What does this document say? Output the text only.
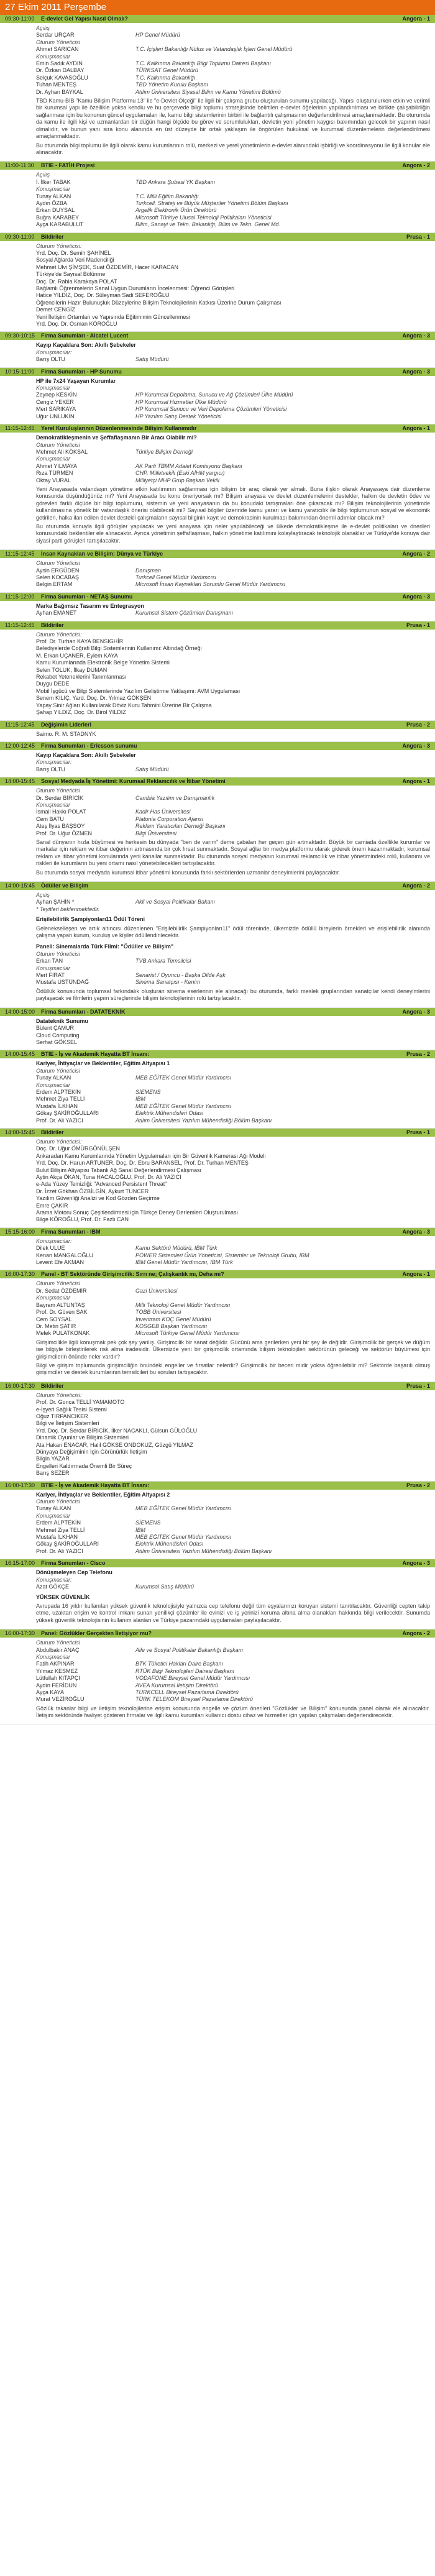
27 Ekim 2011 Perşembe
09:30-11:00	E-devlet Gel Yapısı Nasıl Olmalı?	Angora - 1
Açılış
Serdar URÇAR	HP Genel Müdürü
Oturum Yöneticisi
Ahmet SARICAN	T.C. İçişleri Bakanlığı Nüfus ve Vatandaşlık İşleri Genel Müdürü
Konuşmacılar
Emin Sadık AYDIN	T.C. Kalkınma Bakanlığı Bilgi Toplumu Dairesi Başkanı
Dr. Özkan DALBAY	TÜRKSAT Genel Müdürü
Selçuk KAVASOĞLU	T.C. Kalkınma Bakanlığı
Tuhan MENTEŞ	TBD Yönetim Kurulu Başkanı
Dr. Ayhan BAYKAL	Atılım Üniversitesi Siyasal Bilim ve Kamu Yönetimi Bölümü

TBD Kamu-BİB "Kamu Bilişim Platformu 13" ile "e-Devlet Ölçeği" ile ilgili bir çalışma grubu oluşturulan sunumu yapılacağı. Yapısı oluşturulurken etkin ve verimli bir kurumsal yapı ile özellikle yoksa kendiu ve bu çerçevede bilgi toplumu stratejisinde belirtilen e-devlet öğelerinin yapılandırılması ve birlikte çalışabilirliğin sağlanması için bu konunun güncel uygulamaları ile, kamu bilgi sistemlerinin birbiri ile bağlantılı çalışmasının değerlendirilmesi amaçlanmaktadır. Bu oturumda da kamu ile ilgili kişi ve uzmanlardan bir düğün hangi ölçüde bu görev ve sorumlulukları, devletin yeni yönetim kaygısı bakımından gelecek bir yapının nasıl olmalıdır, ve bunun yanı sıra konu alanında en üst düzeyde bir ortak yaklaşım ile öngörülen hukuksal ve kurumsal düzenlemelerin değerlendirilmesi amaçlanmaktadır.

Bu oturumda bilgi toplumu ile ilgili olarak kamu kurumlarının rolü, merkezi ve yerel yönetimlerin e-devlet alanındaki işbirliği ve koordinasyonu ile ilgili konular ele alınacaktır.

11:00-11:30	BTIE - FATİH Projesi	Angora - 2
Açılış
İ. İlker TABAK	TBD Ankara Şubesi YK Başkanı
Konuşmacılar
Tunay ALKAN	T.C. Milli Eğitim Bakanlığı
Aydın ÖZBA	Turkcell, Strateji ve Büyük Müşteriler Yönetimi Bölüm Başkanı
Erkan DUYSAL	Argelik Elektronik Ürün Direktörü
Buğra KARABEY	Microsoft Türkiye Ulusal Teknoloji Politikaları Yöneticisi
Ayça KARABULUT	Bilim, Sanayi ve Tekn. Bakanlığı, Bilim ve Tekn. Genel Md.
09:30-11:00	Bildiriler	Prusa - 1
Oturum Yöneticisi:
Yrd. Doç. Dr. Semih ŞAHİNEL
Sosyal Ağlarda Veri Madenciliği
Mehmet Ulvi ŞİMŞEK, Suat ÖZDEMİR, Hacer KARACAN
Türkiye'de Sayısal Bölünme
Doç. Dr. Rabia Karakaya POLAT
Bağlamlı Öğrenmelerin Sanal Uygun Durumların İncelenmesi: Öğrenci Görüşleri
Hatice YILDIZ, Doç. Dr. Süleyman Sadi SEFEROĞLU
Öğrencilerin Hazır Bulunuşluk Düzeylerine Bilişim Teknolojilerinin Katkısı Üzerine Durum Çalışması
Demet CENGİZ
Yeni İletişim Ortamları ve Yapısında Eğitimimin Güncellenmesi
Yrd. Doç. Dr. Osman KÖROĞLU
09:30-10:15	Firma Sunumları - Alcatel Lucent	Angora - 3
Kayıp Kaçaklara Son: Akıllı Şebekeler
Konuşmacılar:
Barış OLTU	Satış Müdürü
10:15-11:00	Firma Sunumları - HP Sunumu	Angora - 3
HP ile 7x24 Yaşayan Kurumlar
Konuşmacılar
Zeynep KESKİN	HP Kurumsal Depolama, Sunucu ve Ağ Çözümleri Ülke Müdürü
Cengiz YEKER	HP Kurumsal Hizmetler Ülke Müdürü
Mert SARIKAYA	HP Kurumsal Sunucu ve Veri Depolama Çözümleri Yöneticisi
Uğur UNLUKIN	HP Yazılım Satış Destek Yöneticisi
11:15-12:45	Yerel Kuruluşlarının Düzenlenmesinde Bilişim Kullanımıdır	Angora - 1
Demokratikleşmenin ve Şeffaflaşmanın Bir Aracı Olabilir mi?
Oturum Yöneticisi
Mehmet Ali KÖKSAL	Türkiye Bilişim Derneği
Konuşmacılar
Ahmet YILMAYA	AK Parti TBMM Adalet Komisyonu Başkanı
Rıza TÜRMEN	CHP, Milletvekili (Eski AİHM yargıcı)
Oktay VURAL	Milliyetçi MHP Grup Başkan Vekili

Yeni Anayasada vatandaşın yönetime etkin katılımının sağlanması için bilişim bir araç olarak yer almalı. Buna ilişkin olarak Anayasaya dair düzenleme konusunda düşündüğünüz mi? Yeni Anayasada bu konu öneriyorsak mı? Bilişim anayasa ve devlet düzenlemelerini destekler, halkın de devletin ödev ve görevleri farklı ölçüde bir bilgi toplumunu, sistemin ve yeni anayasanın da bu konudaki tartışmaları öne çıkaracak mı? Bilişim teknolojilerinin yönetimde kullanılmasına yönelik bir vatandaşlık önerisi olabilecek mi? Sayısal bilgiler üzerinde kamu yararı ve kamu yaratıcılık ile bilgi toplumunun sosyal ve ekonomik getirileri, halka ilan edilen devlet destekli çalışmaların sayısal bilginin kayıt ve demokrasinin kurulması bakımından önemli adımlar olacak mı?

Bu oturumda konuyla ilgili görüşler yapılacak ve yeni anayasa için neler yapılabileceği ve ülkede demokratikleşme ile e-devlet politikaları ve önerileri konusundaki beklentiler ele alınacaktır. Ayrıca yönetimin şeffaflaşması, halkın yönetime katılımını kolaylaştıracak teknolojik olanaklar ve Türkiye'de konuya dair siyasi parti görüşleri tartışılacaktır.

11:15-12:45	İnsan Kaynakları ve Bilişim: Dünya ve Türkiye	Angora - 2
Oturum Yöneticisi
Aysin ERGÜDEN	Danışman
Selen KOCABAŞ	Turkcell Genel Müdür Yardımcısı
Belgin ERTAM	Microsoft İnsan Kaynakları Sorumlu Genel Müdür Yardımcısı
11:15-12:00	Firma Sunumları - NETAŞ Sunumu	Angora - 3
Marka Bağımsız Tasarım ve Entegrasyon
Ayhan EMANET	Kurumsal Sistem Çözümleri Danışmanı
11:15-12:45	Bildiriler	Prusa - 1
Oturum Yöneticisi:
Prof. Dr. Turhan KAYA BENSIGHİR
Belediyelerde Coğrafi Bilgi Sistemlerinin Kullanımı: Altındağ Örneği
M. Erkan UÇANER, Eylem KAYA
Kamu Kurumlarında Elektronik Belge Yönetim Sistemi
Selen TOLUK, İlkay DUMAN
Rekabet Yeteneklerini Tanımlanması
Duygu DEDE
Mobil İşgücü ve Bilgi Sistemlerinde Yazılım Geliştirme Yaklaşımı: AVM Uygulaması
Senem KILIÇ, Yard. Doç. Dr. Yılmaz GÖKŞEN
Yapay Sinir Ağları Kullanılarak Döviz Kuru Tahmini Üzerine Bir Çalışma
Şahap YILDIZ, Doç. Dr. Birol YILDIZ
11:15-12:45	Değişimin Liderleri	Prusa - 2
Saimo. R. M. STADNYK
12:00-12:45	Firma Sunumları - Ericsson sunumu	Angora - 3
Kayıp Kaçaklara Son: Akıllı Şebekeler
Konuşmacılar:
Barış OLTU	Satış Müdürü
14:00-15:45	Sosyal Medyada İş Yönetimi: Kurumsal Reklamcılık ve İtibar Yönetimi	Angora - 1
Oturum Yöneticisi
Dr. Serdar BİRİCİK	Cambia Yazılım ve Danışmanlık
Konuşmacılar
İsmail Hakkı POLAT	Kadir Has Üniversitesi
Cem BATU	Platonia Corporation Ajansı
Ateş İlyas BAŞSOY	Reklam Yaratıcıları Derneği Başkanı
Prof. Dr. Uğur ÖZMEN	Bilgi Üniversitesi

Sanal dünyanın hızla büyümesi ve herkesin bu dünyada "ben de varım" deme çabaları her geçen gün artmaktadır. Büyük bir camiada özellikle kurumlar ve markalar için reklam ve itibar değerinin artmasında bir çok fırsat sunmaktadır. Sosyal ağlar bir medya platformu olarak giderek önem kazanmaktadır, kurumsal reklam ve itibar yönetimi konularında yeni kanallar sunmaktadır. Bu oturumda sosyal medyanın kurumsal reklamcılık ve itibar yönetimindeki rolü, kullanımı ve riskleri ile kurumların bu yeni ortamı nasıl yönetebilecekleri tartışılacaktır.

Bu oturumda sosyal medyada kurumsal itibar yönetimi konusunda farklı sektörlerden uzmanlar deneyimlerini paylaşacaktır.

14:00-15:45	Ödüller ve Bilişim	Angora - 2
Açılış
Ayhan ŞAHİN *	Akli ve Sosyal Politikalar Bakanı
* Teyitleri beklenmektedir.
Erişilebilirlik Şampiyonları11 Ödül Töreni

Gelenekselleşen ve artık altıncısı düzenlenen "Erişilebilirlik Şampiyonları11" ödül töreninde, ülkemizde ödüllü bireylerin örnekleri ve erişilebilirlik alanında çalışma yapan kurum, kuruluş ve kişiler ödüllendirilecektir.

Paneli: Sinemalarda Türk Filmi: "Ödüller ve Bilişim"
Oturum Yöneticisi
Erkan TAN	TVB Ankara Temsilcisi
Konuşmacılar
Mert FIRAT	Senarist / Oyuncu - Başka Dilde Aşk
Mustafa USTÜNDAĞ	Sinema Sanatçısı - Kenim

Ödüllük konusunda toplumsal farkındalık oluşturan sinema eserlerinin ele alınacağı bu oturumda, farklı meslek gruplarından sanatçılar kendi deneyimlerini paylaşacak ve filmlerin yapım süreçlerinde bilişim teknolojilerinin rolü tartışılacaktır.

14:00-15:00	Firma Sunumları - DATATEKNİK	Angora - 3
Datateknik Sunumu
Bülent ÇAMUR
Cloud Computing
Serhat GÖKSEL
14:00-15:45	BTIE - İş ve Akademik Hayatta BT İnsanı:	Prusa - 2
Kariyer, İhtiyaçlar ve Beklentiler, Eğitim Altyapısı 1
Oturum Yöneticisi
Tunay ALKAN	MEB EĞİTEK Genel Müdür Yardımcısı
Konuşmacılar
Erdem ALPTEKİN	SİEMENS
Mehmet Ziya TELLİ	İBM
Mustafa İLKHAN	MEB EĞİTEK Genel Müdür Yardımcısı
Gökay ŞAKİROĞULLARI	Elektrik Mühendisleri Odası
Prof. Dr. Ali YAZICI	Atılım Üniversitesi Yazılım Mühendisliği Bölüm Başkanı
14:00-15:45	Bildiriler	Prusa - 1
Oturum Yöneticisi:
Doç. Dr. Uğur ÖMÜRGÖNÜLŞEN
Ankaradan Kamu Kurumlarında Yönetim Uygulamaları için Bir Güvenlik Kamerası Ağı Modeli
Yrd. Doç. Dr. Harun ARTUNER, Doç. Dr. Ebru BARANSEL, Prof. Dr. Turhan MENTEŞ
Bulut Bilişim Altyapısı Tabanlı Ağ Sanal Değerlendirmesi Çalışması
Aytin Akça ÖKAN, Tuna HACALOĞLU, Prof. Dr. Ali YAZICI
e-Ada Yüzey Temizliği: "Advanced Persistent Threat"
Dr. İzzet Gökhan ÖZBİLGİN, Aykurt TUNCER
Yazılım Güvenliği Analizi ve Kod Gözden Geçirme
Emre ÇAKIR
Arama Motoru Sonuç Çeşitlendirmesi için Türkçe Deney Derlemleri Oluşturulması
Bilge KÖROĞLU, Prof. Dr. Fazlı CAN
15:15-16:00	Firma Sunumları - IBM	Angora - 3
Konuşmacılar:
Dilek ULUE	Kamu Sektörü Müdürü, IBM Türk
Kenan MANGALOĞLU	POWER Sistemleri Ürün Yöneticisi, Sistemler ve Teknoloji Grubu, IBM
Levent Efe AKMAN	IBM Genel Müdür Yardımcısı, IBM Türk
16:00-17:30	Panel - BT Sektöründe Girişimcilik: Sırrı ne; Çalışkanlık mı, Deha mı?	Angora - 1
Oturum Yöneticisi
Dr. Sedat ÖZDEMİR	Gazi Üniversitesi
Konuşmacılar
Bayram ALTUNTAŞ	Milli Teknoloji Genel Müdür Yardımcısı
Prof. Dr. Güven SAK	TOBB Üniversitesi
Cem SOYSAL	Inventram KOÇ Genel Müdürü
Dr. Metin ŞATIR	KOSGEB Başkan Yardımcısı
Melek PULATKONAK	Microsoft Türkiye Genel Müdür Yardımcısı

Girişimcilikle ilgili konuşmak pek çok şey yanlış. Girişimcilik bir sanat değildir. Gücünü ama gerilerken yeni bir şey ile değildir. Girişimcilik bir gerçek ve düğüm ise bilgiyle birleştirilerek risk alma iradesidir. Ülkemizde yeni bir girişimcilik ortamında bilişim teknolojileri sektörünün geleceği ve sektörün büyümesi için girişimcilerin önünde neler vardır?

Bilgi ve girişim toplumunda girişimciliğin önündeki engeller ve fırsatlar nelerdir? Girişimcilik bir beceri midir yoksa öğrenilebilir mi? Sektörde başarılı olmuş girişimciler ve destek kurumlarının temsilcileri bu soruları tartışacaktır.

16:00-17:30	Bildiriler	Prusa - 1
Oturum Yöneticisi:
Prof. Dr. Gonca TELLİ YAMAMOTO
e-İşyeri Sağlık Tesisi Sistemi
Oğuz TIRPANCIKER
Bilgi ve İletişim Sistemleri
Yrd. Doç. Dr. Serdar BİRİCİK, İlker NACAKLI, Gülsun GÜLOĞLU
Dinamik Oyunlar ve Bilişim Sistemleri
Ata Hakan ENACAR, Halil GÖKSE ONDOKUZ, Gözgü YILMAZ
Dünyaya Değişiminin İçin Görünürlük İletişim
Bilgin YAZAR
Engelleri Kaldırmada Önemli Bir Süreç
Barış SEZER
16:00-17:30	BTIE - İş ve Akademik Hayatta BT İnsanı:	Prusa - 2
Kariyer, İhtiyaçlar ve Beklentiler, Eğitim Altyapısı 2
Oturum Yöneticisi
Tunay ALKAN	MEB EĞİTEK Genel Müdür Yardımcısı
Konuşmacılar
Erdem ALPTEKİN	SİEMENS
Mehmet Ziya TELLİ	İBM
Mustafa İLKHAN	MEB EĞİTEK Genel Müdür Yardımcısı
Gökay ŞAKİROĞULLARI	Elektrik Mühendisleri Odası
Prof. Dr. Ali YAZICI	Atılım Üniversitesi Yazılım Mühendisliği Bölüm Başkanı
16:15-17:00	Firma Sunumları - Cisco	Angora - 3
Dönüşmeleyen Cep Telefonu
Konuşmacılar:
Azat GÖKÇE	Kurumsal Satış Müdürü
YÜKSEK GÜVENLİK

Avrupada 16 yıldır kullanılan yüksek güvenlik teknolojisiyle yalnızca cep telefonu değil tüm eşyalarınızı koruyan sistemi tanıtılacaktır. Güvenliği cepten takip etme, uzaktan erişim ve kontrol imkanı sunan yenilikçi çözümler ile evinizi ve iş yerinizi koruma altına alma olanakları hakkında bilgi verilecektir. Sunumda yüksek güvenlik teknolojisinin kullanım alanları ve Türkiye pazarındaki uygulamaları paylaşılacaktır.

16:00-17:30	Panel: Gözlükler Gerçekten İletişiyor mu?	Angora - 2
Oturum Yöneticisi
Abdulbakir ANAÇ	Aile ve Sosyal Politikalar Bakanlığı Başkanı
Konuşmacılar
Fatih AKPINAR	BTK Tüketici Hakları Daire Başkanı
Yılmaz KESMEZ	RTÜK Bilgi Teknolojileri Dairesi Başkanı
Lütfullah KITAPÇI	VODAFONE Bireysel Genel Müdür Yardımcısı
Aydın FERİDUN	AVEA Kurumsal İletişim Direktörü
Ayça KAYA	TURKCELL Bireysel Pazarlama Direktörü
Murat VEZİROĞLU	TÜRK TELEKOM Bireysel Pazarlama Direktörü

Gözlük takanlar bilgi ve iletişim teknolojilerine erişim konusunda engelle ve çözüm önerileri "Gözlükler ve Bilişim" konusunda panel olarak ele alınacaktır. İletişim sektöründe faaliyet gösteren firmalar ve ilgili kamu kurumları kullanıcı dostu cihaz ve hizmetler için yapılan çalışmaları değerlendirecektir.
